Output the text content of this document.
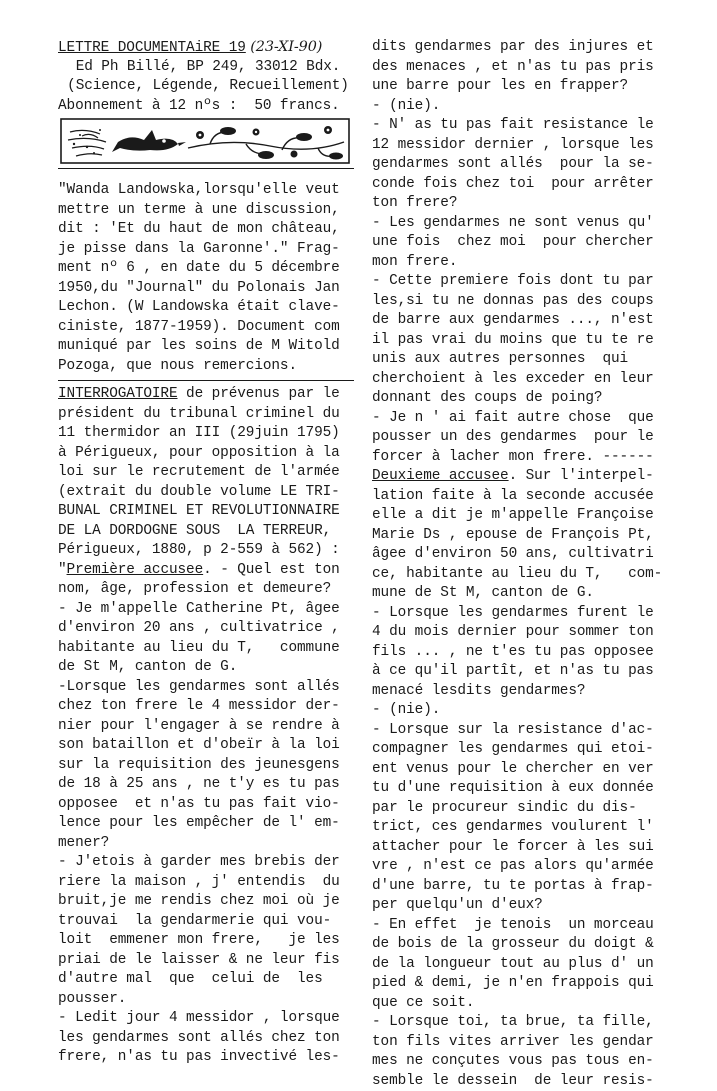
LETTRE DOCUMENTAiRE 19 (23-XI-90)
Ed Ph Billé, BP 249, 33012 Bdx.
(Science, Légende, Recueillement)
Abonnement à 12 nºs :  50 francs.
"Wanda Landowska,lorsqu'elle veut
mettre un terme à une discussion,
dit : 'Et du haut de mon château,
je pisse dans la Garonne'." Frag-
ment nº 6 , en date du 5 décembre
1950,du "Journal" du Polonais Jan
Lechon. (W Landowska était clave-
ciniste, 1877-1959). Document com
muniqué par les soins de M Witold
Pozoga, que nous remercions.
INTERROGATOIRE de prévenus par le
président du tribunal criminel du
11 thermidor an III (29juin 1795)
à Périgueux, pour opposition à la
loi sur le recrutement de l'armée
(extrait du double volume LE TRI-
BUNAL CRIMINEL ET REVOLUTIONNAIRE
DE LA DORDOGNE SOUS  LA TERREUR,
Périgueux, 1880, p 2-559 à 562) :
"Première accusee. - Quel est ton
nom, âge, profession et demeure?
- Je m'appelle Catherine Pt, âgee
d'environ 20 ans , cultivatrice ,
habitante au lieu du T,   commune
de St M, canton de G.
-Lorsque les gendarmes sont allés
chez ton frere le 4 messidor der-
nier pour l'engager à se rendre à
son bataillon et d'obeïr à la loi
sur la requisition des jeunesgens
de 18 à 25 ans , ne t'y es tu pas
opposee  et n'as tu pas fait vio-
lence pour les empêcher de l' em-
mener?
- J'etois à garder mes brebis der
riere la maison , j' entendis  du
bruit,je me rendis chez moi où je
trouvai  la gendarmerie qui vou-
loit  emmener mon frere,   je les
priai de le laisser & ne leur fis
d'autre mal  que  celui de  les
pousser.
- Ledit jour 4 messidor , lorsque
les gendarmes sont allés chez ton
frere, n'as tu pas invectivé les-
dits gendarmes par des injures et
des menaces , et n'as tu pas pris
une barre pour les en frapper?
- (nie).
- N' as tu pas fait resistance le
12 messidor dernier , lorsque les
gendarmes sont allés  pour la se-
conde fois chez toi  pour arrêter
ton frere?
- Les gendarmes ne sont venus qu'
une fois  chez moi  pour chercher
mon frere.
- Cette premiere fois dont tu par
les,si tu ne donnas pas des coups
de barre aux gendarmes ..., n'est
il pas vrai du moins que tu te re
unis aux autres personnes  qui
cherchoient à les exceder en leur
donnant des coups de poing?
- Je n ' ai fait autre chose  que
pousser un des gendarmes  pour le
forcer à lacher mon frere. ------
Deuxieme accusee. Sur l'interpel-
lation faite à la seconde accusée
elle a dit je m'appelle Françoise
Marie Ds , epouse de François Pt,
âgee d'environ 50 ans, cultivatri
ce, habitante au lieu du T,   com-
mune de St M, canton de G.
- Lorsque les gendarmes furent le
4 du mois dernier pour sommer ton
fils ... , ne t'es tu pas opposee
à ce qu'il partît, et n'as tu pas
menacé lesdits gendarmes?
- (nie).
- Lorsque sur la resistance d'ac-
compagner les gendarmes qui etoi-
ent venus pour le chercher en ver
tu d'une requisition à eux donnée
par le procureur sindic du dis-
trict, ces gendarmes voulurent l'
attacher pour le forcer à les sui
vre , n'est ce pas alors qu'armée
d'une barre, tu te portas à frap-
per quelqu'un d'eux?
- En effet  je tenois  un morceau
de bois de la grosseur du doigt &
de la longueur tout au plus d' un
pied & demi, je n'en frappois qui
que ce soit.
- Lorsque toi, ta brue, ta fille,
ton fils vites arriver les gendar
mes ne conçutes vous pas tous en-
semble le dessein  de leur resis-
